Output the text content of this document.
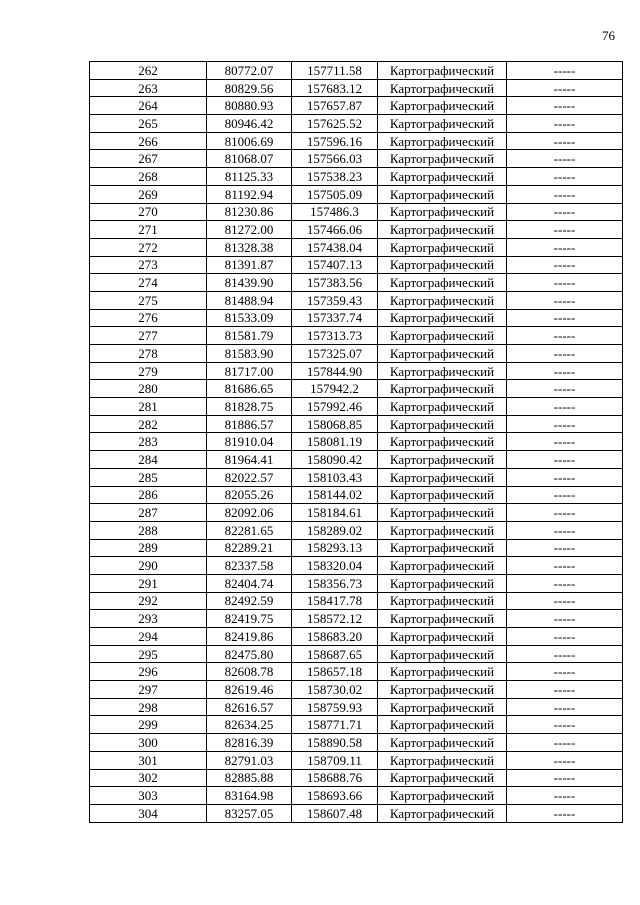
76
262	80772.07	157711.58	Картографический	-----
263	80829.56	157683.12	Картографический	-----
264	80880.93	157657.87	Картографический	-----
265	80946.42	157625.52	Картографический	-----
266	81006.69	157596.16	Картографический	-----
267	81068.07	157566.03	Картографический	-----
268	81125.33	157538.23	Картографический	-----
269	81192.94	157505.09	Картографический	-----
270	81230.86	157486.3	Картографический	-----
271	81272.00	157466.06	Картографический	-----
272	81328.38	157438.04	Картографический	-----
273	81391.87	157407.13	Картографический	-----
274	81439.90	157383.56	Картографический	-----
275	81488.94	157359.43	Картографический	-----
276	81533.09	157337.74	Картографический	-----
277	81581.79	157313.73	Картографический	-----
278	81583.90	157325.07	Картографический	-----
279	81717.00	157844.90	Картографический	-----
280	81686.65	157942.2	Картографический	-----
281	81828.75	157992.46	Картографический	-----
282	81886.57	158068.85	Картографический	-----
283	81910.04	158081.19	Картографический	-----
284	81964.41	158090.42	Картографический	-----
285	82022.57	158103.43	Картографический	-----
286	82055.26	158144.02	Картографический	-----
287	82092.06	158184.61	Картографический	-----
288	82281.65	158289.02	Картографический	-----
289	82289.21	158293.13	Картографический	-----
290	82337.58	158320.04	Картографический	-----
291	82404.74	158356.73	Картографический	-----
292	82492.59	158417.78	Картографический	-----
293	82419.75	158572.12	Картографический	-----
294	82419.86	158683.20	Картографический	-----
295	82475.80	158687.65	Картографический	-----
296	82608.78	158657.18	Картографический	-----
297	82619.46	158730.02	Картографический	-----
298	82616.57	158759.93	Картографический	-----
299	82634.25	158771.71	Картографический	-----
300	82816.39	158890.58	Картографический	-----
301	82791.03	158709.11	Картографический	-----
302	82885.88	158688.76	Картографический	-----
303	83164.98	158693.66	Картографический	-----
304	83257.05	158607.48	Картографический	-----
